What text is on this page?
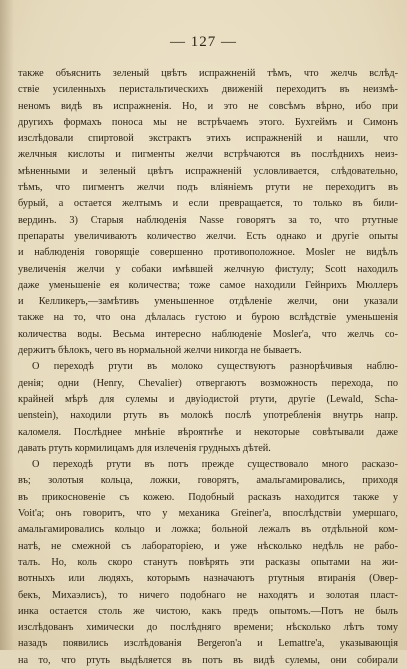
— 127 —
также объяснить зеленый цвѣтъ испражненій тѣмъ, что желчь вслѣд-
ствіе усиленныхъ перистальтическихъ движеній переходитъ въ неизмѣ-
неномъ видѣ въ испражненія. Но, и это не совсѣмъ вѣрно, ибо при
другихъ формахъ поноса мы не встрѣчаемъ этого. Бухгеймъ и Симонъ
изслѣдовали спиртовой экстрактъ этихъ испражненій и нашли, что
желчныя кислоты и пигменты желчи встрѣчаются въ послѣднихъ неиз-
мѣненными и зеленый цвѣтъ испражненій условливается, слѣдовательно,
тѣмъ, что пигментъ желчи подъ вліяніемъ ртути не переходитъ въ
бурый, а остается желтымъ и если превращается, то только въ били-
вердинъ. 3) Старыя наблюденія Nasse говорятъ за то, что ртутные
препараты увеличиваютъ количество желчи. Есть однако и другіе опыты
и наблюденія говорящіе совершенно противоположное. Mosler не видѣлъ
увеличенія желчи у собаки имѣвшей желчную фистулу; Scott находилъ
даже уменьшеніе ея количества; тоже самое находили Гейнрихъ Мюллеръ
и Келликеръ,—замѣтивъ уменьшенное отдѣленіе желчи, они указали
также на то, что она дѣлалась густою и бурою вслѣдствіе уменьшенія
количества воды. Весьма интересно наблюденіе Mosler'а, что желчь со-
держитъ бѣлокъ, чего въ нормальной желчи никогда не бываетъ.
О переходѣ ртути въ молоко существуютъ разнорѣчивыя наблю-
денія; одни (Henry, Chevalier) отвергаютъ возможность перехода, по
крайней мѣрѣ для сулемы и двуіодистой ртути, другіе (Lewald, Scha-
uenstein), находили ртуть въ молокѣ послѣ употребленія внутрь напр.
каломеля. Послѣднее мнѣніе вѣроятнѣе и некоторые совѣтывали даже
давать ртуть кормилицамъ для излеченія грудныхъ дѣтей.
О переходѣ ртути въ потъ прежде существовало много расказо-
въ; золотыя кольца, ложки, говорятъ, амальгамировались, приходя
въ прикосновеніе съ кожею. Подобный расказъ находится также у
Voit'а; онъ говоритъ, что у механика Greiner'а, впослѣдствіи умершаго,
амальгамировались кольцо и ложка; больной лежалъ въ отдѣльной ком-
натѣ, не смежной съ лабораторіею, и уже нѣсколько недѣль не рабо-
талъ. Но, коль скоро станутъ повѣрять эти расказы опытами на жи-
вотныхъ или людяхъ, которымъ назначаютъ ртутныя втиранія (Овер-
бекъ, Михаэлисъ), то ничего подобнаго не находятъ и золотая пласт-
инка остается столь же чистою, какъ предъ опытомъ.—Потъ не былъ
изслѣдованъ химически до послѣдняго времени; нѣсколько лѣтъ тому
назадъ появились изслѣдованія Bergeron'а и Lemattre'а, указывающія
на то, что ртуть выдѣляется въ потъ въ видѣ сулемы, они собирали
